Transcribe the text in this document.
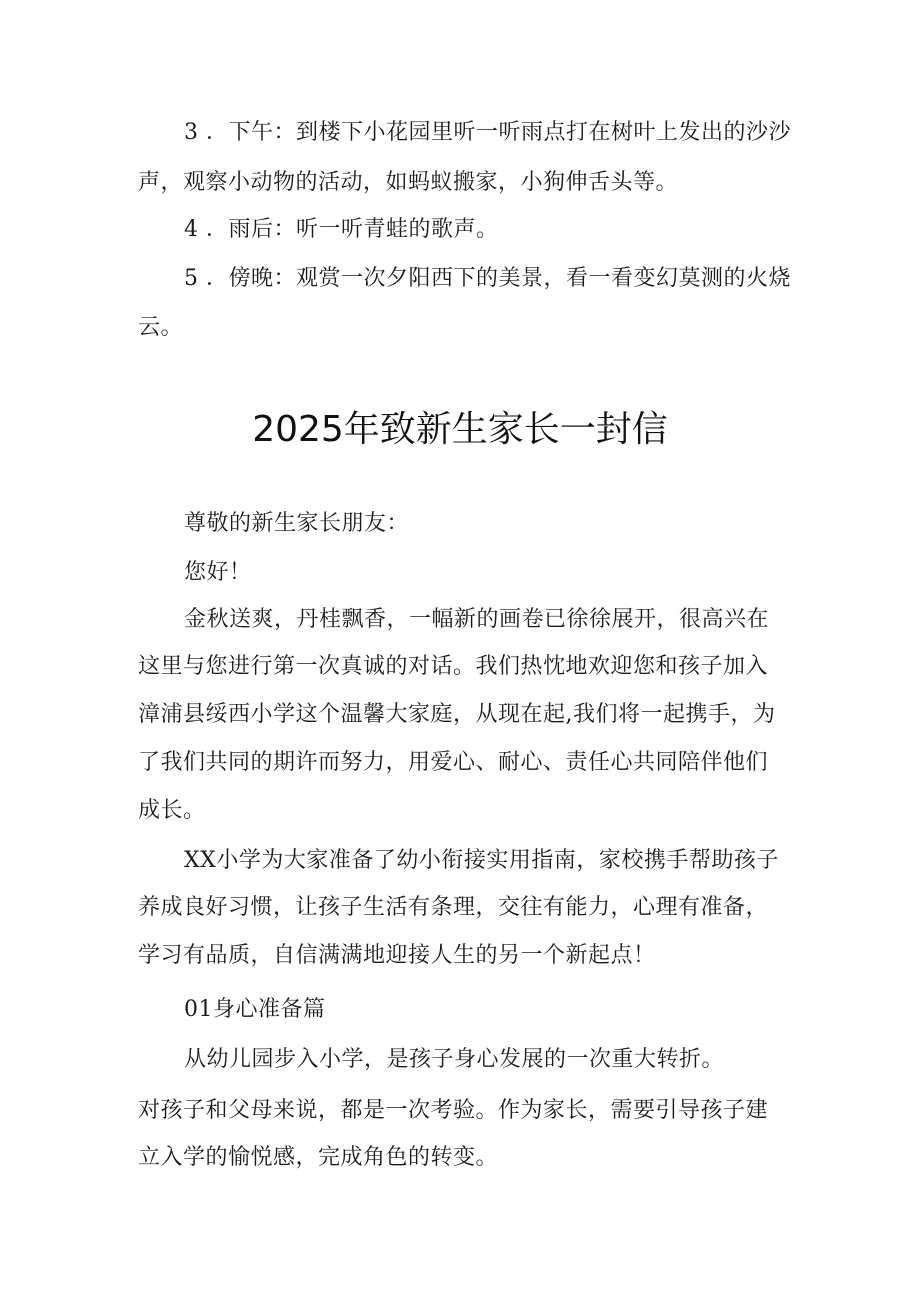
3 ．下午：到楼下小花园里听一听雨点打在树叶上发出的沙沙
声，观察小动物的活动，如蚂蚁搬家，小狗伸舌头等。
4 ．雨后：听一听青蛙的歌声。
5 ．傍晚：观赏一次夕阳西下的美景，看一看变幻莫测的火烧
云。
2025年致新生家长一封信
尊敬的新生家长朋友：
您好！
金秋送爽，丹桂飘香，一幅新的画卷已徐徐展开，很高兴在
这里与您进行第一次真诚的对话。我们热忱地欢迎您和孩子加入
漳浦县绥西小学这个温馨大家庭，从现在起,我们将一起携手，为
了我们共同的期许而努力，用爱心、耐心、责任心共同陪伴他们
成长。
XX小学为大家准备了幼小衔接实用指南，家校携手帮助孩子
养成良好习惯，让孩子生活有条理，交往有能力，心理有准备，
学习有品质，自信满满地迎接人生的另一个新起点！
01身心准备篇
从幼儿园步入小学，是孩子身心发展的一次重大转折。
对孩子和父母来说，都是一次考验。作为家长，需要引导孩子建
立入学的愉悦感，完成角色的转变。
